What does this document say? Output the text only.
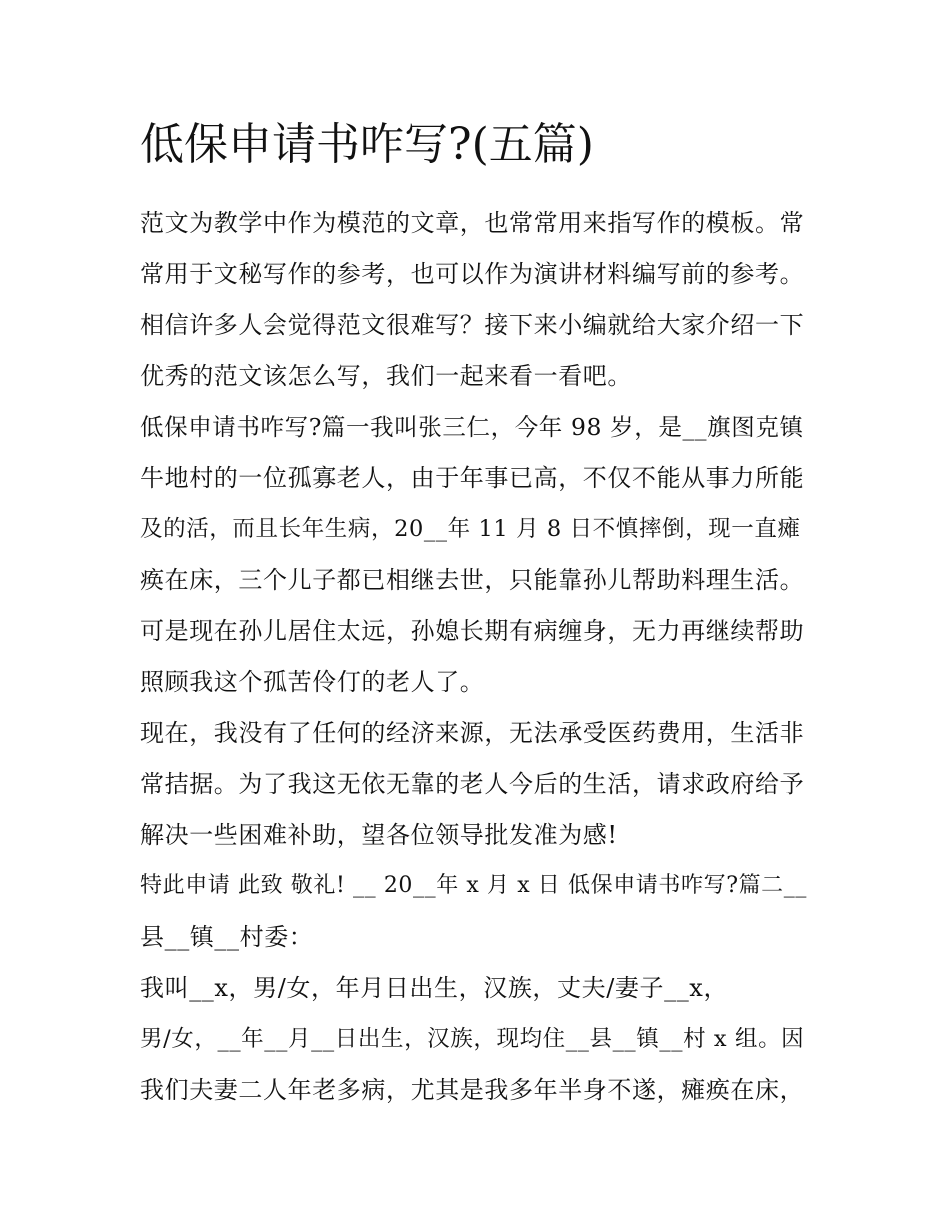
低保申请书咋写?(五篇)

范文为教学中作为模范的文章，也常常用来指写作的模板。常

常用于文秘写作的参考，也可以作为演讲材料编写前的参考。

相信许多人会觉得范文很难写？接下来小编就给大家介绍一下

优秀的范文该怎么写，我们一起来看一看吧。

低保申请书咋写?篇一我叫张三仁，今年 98 岁，是__旗图克镇

牛地村的一位孤寡老人，由于年事已高，不仅不能从事力所能

及的活，而且长年生病，20__年 11 月 8 日不慎摔倒，现一直瘫

痪在床，三个儿子都已相继去世，只能靠孙儿帮助料理生活。

可是现在孙儿居住太远，孙媳长期有病缠身，无力再继续帮助

照顾我这个孤苦伶仃的老人了。

现在，我没有了任何的经济来源，无法承受医药费用，生活非

常拮据。为了我这无依无靠的老人今后的生活，请求政府给予

解决一些困难补助，望各位领导批发准为感!

特此申请 此致 敬礼! __ 20__年 x 月 x 日 低保申请书咋写?篇二__

县__镇__村委：

我叫__x，男/女，年月日出生，汉族，丈夫/妻子__x，

男/女，__年__月__日出生，汉族，现均住__县__镇__村 x 组。因

我们夫妻二人年老多病，尤其是我多年半身不遂，瘫痪在床，
